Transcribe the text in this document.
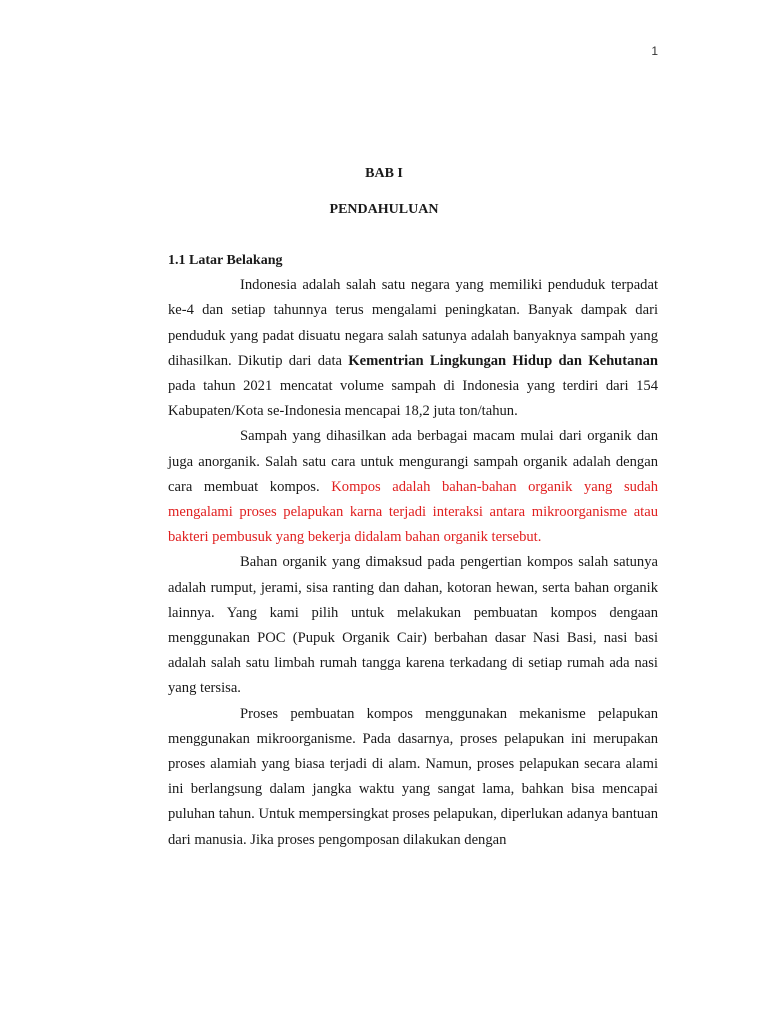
1
BAB I
PENDAHULUAN
1.1 Latar Belakang

Indonesia adalah salah satu negara yang memiliki penduduk terpadat ke-4 dan setiap tahunnya terus mengalami peningkatan. Banyak dampak dari penduduk yang padat disuatu negara salah satunya adalah banyaknya sampah yang dihasilkan. Dikutip dari data Kementrian Lingkungan Hidup dan Kehutanan pada tahun 2021 mencatat volume sampah di Indonesia yang terdiri dari 154 Kabupaten/Kota se-Indonesia mencapai 18,2 juta ton/tahun.

Sampah yang dihasilkan ada berbagai macam mulai dari organik dan juga anorganik. Salah satu cara untuk mengurangi sampah organik adalah dengan cara membuat kompos. Kompos adalah bahan-bahan organik yang sudah mengalami proses pelapukan karna terjadi interaksi antara mikroorganisme atau bakteri pembusuk yang bekerja didalam bahan organik tersebut.

Bahan organik yang dimaksud pada pengertian kompos salah satunya adalah rumput, jerami, sisa ranting dan dahan, kotoran hewan, serta bahan organik lainnya. Yang kami pilih untuk melakukan pembuatan kompos dengaan menggunakan POC (Pupuk Organik Cair) berbahan dasar Nasi Basi, nasi basi adalah salah satu limbah rumah tangga karena terkadang di setiap rumah ada nasi yang tersisa.

Proses pembuatan kompos menggunakan mekanisme pelapukan menggunakan mikroorganisme. Pada dasarnya, proses pelapukan ini merupakan proses alamiah yang biasa terjadi di alam. Namun, proses pelapukan secara alami ini berlangsung dalam jangka waktu yang sangat lama, bahkan bisa mencapai puluhan tahun. Untuk mempersingkat proses pelapukan, diperlukan adanya bantuan dari manusia. Jika proses pengomposan dilakukan dengan
